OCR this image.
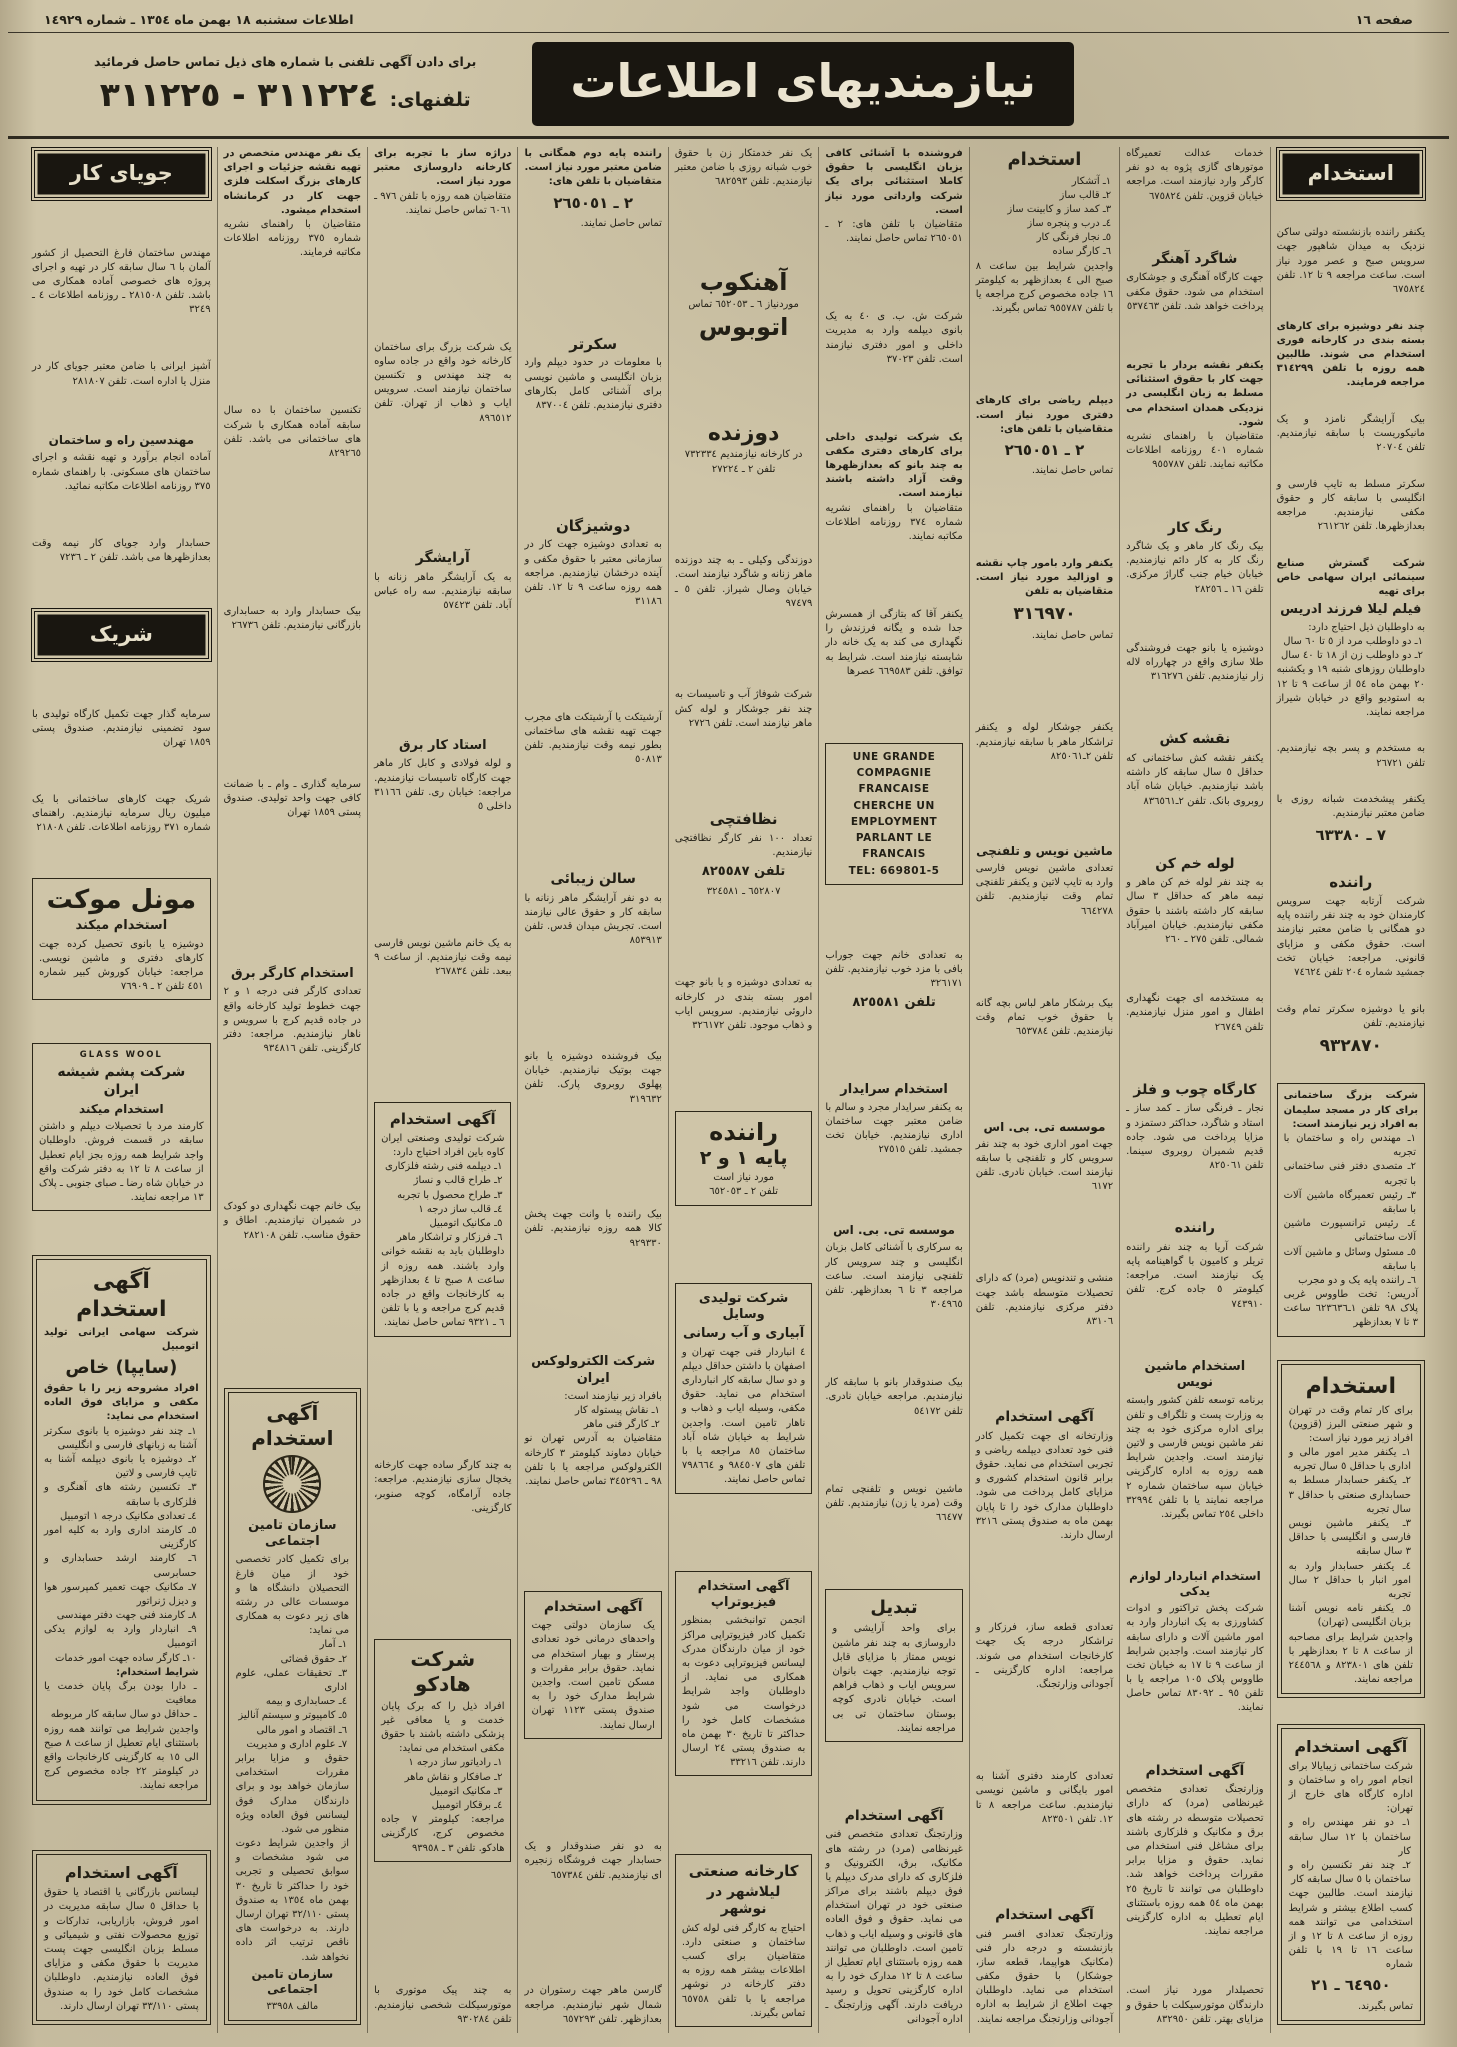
صفحه ۱٦
اطلاعات سشنبه ۱۸ بهمن ماه ۱۳٥٤ ـ شماره ۱٤۹۲۹
نیازمندیهای اطلاعات
برای دادن آگهی تلفنی با شماره های ذیل تماس حاصل فرمائید
تلفنهای: ۳۱۱۲۲٤ - ۳۱۱۲۲٥
استخدام
یکنفر راننده بازنشسته دولتی ساکن نزدیک به میدان شاهپور جهت سرویس صبح و عصر مورد نیاز است. ساعت مراجعه ۹ تا ۱۲. تلفن ٦۷٥۸۲٤
چند نفر دوشیزه برای کارهای بسته بندی در کارخانه فوری استخدام می شوند. طالبین همه روزه با تلفن ۳۱٤۲۹۹ مراجعه فرمایند.
بیک آرایشگر نامزد و یک مانیکوریست با سابقه نیازمندیم. تلفن ۲۰۷۰٤
سکرتر مسلط به تایپ فارسی و انگلیسی با سابقه کار و حقوق مکفی نیازمندیم. مراجعه بعدازظهرها. تلفن ۲٦۱۲٦۲
شرکت گسترش صنایع سینمائی ایران سهامی خاص برای تهیه
فیلم لیلا فرزند ادریس
به داوطلبان ذیل احتیاج دارد:
۱ـ دو داوطلب مرد از ٥ تا ٦۰ سال
۲ـ دو داوطلب زن از ۱۸ تا ٤۰ سال
داوطلبان روزهای شنبه ۱۹ و یکشنبه ۲۰ بهمن ماه ٥٤ از ساعت ۹ تا ۱۲ به استودیو واقع در خیابان شیراز مراجعه نمایند.
به مستخدم و پسر بچه نیازمندیم. تلفن ۲٦۷۲۱
یکنفر پیشخدمت شبانه روزی با ضامن معتبر نیازمندیم.
۷ ـ ٦۳۳۸۰
راننده
شرکت آرتابه جهت سرویس کارمندان خود به چند نفر راننده پایه دو همگانی با ضامن معتبر نیازمند است. حقوق مکفی و مزایای قانونی. مراجعه: خیابان تخت جمشید شماره ۲۰٤ تلفن ۷٤٦۲٤
بانو یا دوشیزه سکرتر تمام وقت نیازمندیم. تلفن
۹۳۲۸۷۰
شرکت بزرگ ساختمانی برای کار در مسجد سلیمان به افراد زیر نیازمند است:
۱ـ مهندس راه و ساختمان با تجربه
۲ـ متصدی دفتر فنی ساختمانی با تجربه
۳ـ رئیس تعمیرگاه ماشین آلات با سابقه
٤ـ رئیس ترانسپورت ماشین آلات ساختمانی
٥ـ مسئول وسائل و ماشین آلات با سابقه
٦ـ راننده پایه یک و دو مجرب
آدریس: تخت طاووس غربی پلاک ۹۸ تلفن ۱ـ٦۲۳٦۳٦ ساعت ۳ تا ۷ بعدازظهر
استخدام
برای کار تمام وقت در تهران و شهر صنعتی البرز (قزوین) افراد زیر مورد نیاز است:
۱ـ یکنفر مدیر امور مالی و اداری با حداقل ٥ سال تجربه
۲ـ یکنفر حسابدار مسلط به حسابداری صنعتی با حداقل ۳ سال تجربه
۳ـ یکنفر ماشین نویس فارسی و انگلیسی با حداقل ۳ سال سابقه
٤ـ یکنفر حسابدار وارد به امور انبار با حداقل ۲ سال تجربه
٥ـ یکنفر نامه نویس آشنا بزبان انگلیسی (تهران)
واجدین شرایط برای مصاحبه از ساعت ۸ تا ۲ بعدازظهر با تلفن های ۸۲۳۸۰۱ و ۲٤٤٥٦۸ مراجعه نمایند.
آگهی استخدام
شرکت ساختمانی زیبایالا برای انجام امور راه و ساختمان و اداره کارگاه های خارج از تهران:
۱ـ دو نفر مهندس راه و ساختمان با ۱۲ سال سابقه کار
۲ـ چند نفر تکنسین راه و ساختمان با ٥ سال سابقه کار
نیازمند است. طالبین جهت کسب اطلاع بیشتر و شرایط استخدامی می توانند همه روزه از ساعت ۸ تا ۱۲ و از ساعت ۱٦ تا ۱۹ با تلفن شماره
٦٤۹٥۰ ـ ۲۱
تماس بگیرند.
خدمات عدالت تعمیرگاه موتورهای گازی پژوه به دو نفر کارگر وارد نیازمند است. مراجعه خیابان قزوین. تلفن ٦۷٥۸۲٤
شاگرد آهنگر
جهت کارگاه آهنگری و جوشکاری استخدام می شود. حقوق مکفی پرداخت خواهد شد. تلفن ٥۳۷٤٦۳
یکنفر نقشه بردار با تجربه جهت کار با حقوق استثنائی مسلط به زبان انگلیسی در نزدیکی همدان استخدام می شود.
متقاضیان با راهنمای نشریه شماره ٤۰۱ روزنامه اطلاعات مکاتبه نمایند. تلفن ۹٥٥۷۸۷
رنگ کار
بیک رنگ کار ماهر و یک شاگرد رنگ کار به کار دائم نیازمندیم. خیابان خیام جنب گاراژ مرکزی. تلفن ۱٦ ـ ۲۸۲٥٦
دوشیزه یا بانو جهت فروشندگی طلا سازی واقع در چهارراه لاله زار نیازمندیم. تلفن ۳۱٦۲۷٦
نقشه کش
یکنفر نقشه کش ساختمانی که حداقل ٥ سال سابقه کار داشته باشد نیازمندیم. خیابان شاه آباد روبروی بانک. تلفن ۲ـ۸۳٦٥٦۱
لوله خم کن
به چند نفر لوله خم کن ماهر و نیمه ماهر که حداقل ۳ سال سابقه کار داشته باشند با حقوق مکفی نیازمندیم. خیابان امیرآباد شمالی. تلفن ۲۷٥ ـ ۲٦۰
به مستخدمه ای جهت نگهداری اطفال و امور منزل نیازمندیم. تلفن ۲٦۷٤۹
کارگاه چوب و فلز
نجار ـ فرنگی ساز ـ کمد ساز ـ استاد و شاگرد، حداکثر دستمزد و مزایا پرداخت می شود. جاده قدیم شمیران روبروی سینما. تلفن ۸۲٥۰٦۱
راننده
شرکت آریا به چند نفر راننده تریلر و کامیون با گواهینامه پایه یک نیازمند است. مراجعه: کیلومتر ٥ جاده کرج. تلفن ۷٤۳۹۱۰
استخدام ماشین نویس
برنامه توسعه تلفن کشور وابسته به وزارت پست و تلگراف و تلفن برای اداره مرکزی خود به چند نفر ماشین نویس فارسی و لاتین نیازمند است. واجدین شرایط همه روزه به اداره کارگزینی خیابان سپه ساختمان شماره ۲ مراجعه نمایند یا با تلفن ۳۲۹۹٤ داخلی ۲٥٤ تماس بگیرند.
استخدام انباردار لوازم یدکی
شرکت پخش تراکتور و ادوات کشاورزی به یک انباردار وارد به امور ماشین آلات و دارای سابقه کار نیازمند است. واجدین شرایط از ساعت ۹ تا ۱۷ به خیابان تخت طاووس پلاک ۱۰٥ مراجعه یا با تلفن ۹٥ ـ ۸۳۰۹۲ تماس حاصل نمایند.
آگهی استخدام
وزارتجنگ تعدادی متخصص غیرنظامی (مرد) که دارای تحصیلات متوسطه در رشته های برق و مکانیک و فلزکاری باشند برای مشاغل فنی استخدام می نماید. حقوق و مزایا برابر مقررات پرداخت خواهد شد. داوطلبان می توانند تا تاریخ ۲٥ بهمن ماه ٥٤ همه روزه باستثنای ایام تعطیل به اداره کارگزینی مراجعه نمایند.
تحصیلدار مورد نیاز است. دارندگان موتورسیکلت با حقوق و مزایای بهتر. تلفن ۸۳۲۹٥۰
استخدام
۱ـ آتشکار
۲ـ قالب ساز
۳ـ کمد ساز و کابینت ساز
٤ـ درب و پنجره ساز
٥ـ نجار فرنگی کار
٦ـ کارگر ساده
واجدین شرایط بین ساعت ۸ صبح الی ٤ بعدازظهر به کیلومتر ۱٦ جاده مخصوص کرج مراجعه یا با تلفن ۹٥٥۷۸۷ تماس بگیرند.
دیپلم ریاضی برای کارهای دفتری مورد نیاز است. متقاضیان با تلفن های:
۲ ـ ۲٦٥۰٥۱
تماس حاصل نمایند.
یکنفر وارد بامور چاپ نقشه و اوزالید مورد نیاز است. متقاضیان به تلفن
۳۱٦۹۷۰
تماس حاصل نمایند.
یکنفر جوشکار لوله و یکنفر تراشکار ماهر با سابقه نیازمندیم. تلفن ۲ـ۸۲٥۰٦۱
ماشین نویس و تلفنچی
تعدادی ماشین نویس فارسی وارد به تایپ لاتین و یکنفر تلفنچی تمام وقت نیازمندیم. تلفن ٦٦٤۲۷۸
بیک برشکار ماهر لباس بچه گانه با حقوق خوب تمام وقت نیازمندیم. تلفن ٦٥۳۷۸٤
موسسه تی. بی. اس
جهت امور اداری خود به چند نفر سرویس کار و تلفنچی با سابقه نیازمند است. خیابان نادری. تلفن ٦۱۷۲
منشی و تندنویس (مرد) که دارای تحصیلات متوسطه باشد جهت دفتر مرکزی نیازمندیم. تلفن ۸۳۱۰٦
آگهی استخدام
وزارتخانه ای جهت تکمیل کادر فنی خود تعدادی دیپلمه ریاضی و تجربی استخدام می نماید. حقوق برابر قانون استخدام کشوری و مزایای کامل پرداخت می شود. داوطلبان مدارک خود را تا پایان بهمن ماه به صندوق پستی ۳۲۱٦ ارسال دارند.
تعدادی قطعه ساز، فرزکار و تراشکار درجه یک جهت کارخانجات استخدام می شوند. مراجعه: اداره کارگزینی ـ آجودانی وزارتجنگ.
تعدادی کارمند دفتری آشنا به امور بایگانی و ماشین نویسی نیازمندیم. ساعت مراجعه ۸ تا ۱۲. تلفن ۸۲۳٥۰۱
آگهی استخدام
وزارتجنگ تعدادی افسر فنی بازنشسته و درجه دار فنی (مکانیک هواپیما، قطعه ساز، جوشکار) با حقوق مکفی استخدام می نماید. داوطلبان جهت اطلاع از شرایط به اداره آجودانی وزارتجنگ مراجعه نمایند.
فروشنده با آشنائی کافی بزبان انگلیسی با حقوق کاملا استثنائی برای یک شرکت وارداتی مورد نیاز است.
متقاضیان با تلفن های: ۲ ـ ۲٦٥۰٥۱ تماس حاصل نمایند.
شرکت ش. ب. ی ٤۰ به یک بانوی دیپلمه وارد به مدیریت داخلی و امور دفتری نیازمند است. تلفن ۳۷۰۲۳
یک شرکت تولیدی داخلی برای کارهای دفتری مکفی به چند بانو که بعدازظهرها وقت آزاد داشته باشند نیازمند است.
متقاضیان با راهنمای نشریه شماره ۳۷٤ روزنامه اطلاعات مکاتبه نمایند.
یکنفر آقا که بتازگی از همسرش جدا شده و یگانه فرزندش را نگهداری می کند به یک خانه دار شایسته نیازمند است. شرایط به توافق. تلفن ٦٦۹٥۸۳ عصرها
UNE GRANDE
COMPAGNIE
FRANCAISE
CHERCHE UN
EMPLOYMENT
PARLANT LE FRANCAIS
TEL: 669801-5
به تعدادی خانم جهت جوراب بافی با مزد خوب نیازمندیم. تلفن ۳۲٦۱۷۱
تلفن ۸۲٥٥۸۱
استخدام سرایدار
به یکنفر سرایدار مجرد و سالم با ضامن معتبر جهت ساختمان اداری نیازمندیم. خیابان تخت جمشید. تلفن ۲۷٥۱٥
موسسه تی. بی. اس
به سرکاری با آشنائی کامل بزبان انگلیسی و چند سرویس کار تلفنچی نیازمند است. ساعت مراجعه ۳ تا ٦ بعدازظهر. تلفن ۳۰٤۹٦٥
بیک صندوقدار بانو با سابقه کار نیازمندیم. مراجعه خیابان نادری. تلفن ٥٤۱۷۲
ماشین نویس و تلفنچی تمام وقت (مرد یا زن) نیازمندیم. تلفن ٦٦٤۷۷
تبدیل
برای واحد آرایشی و داروسازی به چند نفر ماشین نویس ممتاز با مزایای قابل توجه نیازمندیم. جهت بانوان سرویس ایاب و ذهاب فراهم است. خیابان نادری کوچه بوستان ساختمان تی بی مراجعه نمایند.
آگهی استخدام
وزارتجنگ تعدادی متخصص فنی غیرنظامی (مرد) در رشته های مکانیک، برق، الکترونیک و فلزکاری که دارای مدرک دیپلم یا فوق دیپلم باشند برای مراکز صنعتی خود در تهران استخدام می نماید. حقوق و فوق العاده های قانونی و وسیله ایاب و ذهاب تامین است. داوطلبان می توانند همه روزه باستثنای ایام تعطیل از ساعت ۸ تا ۱۲ مدارک خود را به اداره کارگزینی تحویل و رسید دریافت دارند. آگهی وزارتجنگ ـ اداره آجودانی
یک نفر خدمتکار زن با حقوق خوب شبانه روزی با ضامن معتبر نیازمندیم. تلفن ٦۸۲٥۹۳
آهنکوب
موردنیاز ٦ ـ ٦٥۲۰٥۳ تماس
اتوبوس
دوزنده
در کارخانه نیازمندیم ۷۳۲۳۳٤
تلفن ۲ ـ ۲۷۲۲٤
دوزندگی وکیلی ـ به چند دوزنده ماهر زنانه و شاگرد نیازمند است. خیابان وصال شیراز. تلفن ٥ ـ ۹۷٤۷۹
شرکت شوفاژ آب و تاسیسات به چند نفر جوشکار و لوله کش ماهر نیازمند است. تلفن ۲۷۲٦
نظافتچی
تعداد ۱۰۰ نفر کارگر نظافتچی نیازمندیم.
تلفن ۸۲٥٥۸۷
٦٥۲۸۰۷ ـ ۳۲٤٥۸۱
به تعدادی دوشیزه و یا بانو جهت امور بسته بندی در کارخانه داروئی نیازمندیم. سرویس ایاب و ذهاب موجود. تلفن ۳۲٦۱۷۲
راننده
پایه ۱ و ۲
مورد نیاز است
تلفن ۲ ـ ٦٥۲۰٥۳
شرکت تولیدی وسایل
آبیاری و آب رسانی
٤ انباردار فنی جهت تهران و اصفهان با داشتن حداقل دیپلم و دو سال سابقه کار انبارداری استخدام می نماید. حقوق مکفی، وسیله ایاب و ذهاب و ناهار تامین است. واجدین شرایط به خیابان شاه آباد ساختمان ۸٥ مراجعه یا با تلفن های ۹۸٤٥۰۷ و ۷۹۸٦٦٤ تماس حاصل نمایند.
آگهی استخدام فیزیوتراپ
انجمن توانبخشی بمنظور تکمیل کادر فیزیوتراپی مراکز خود از میان دارندگان مدرک لیسانس فیزیوتراپی دعوت به همکاری می نماید. از داوطلبان واجد شرایط درخواست می شود مشخصات کامل خود را حداکثر تا تاریخ ۳۰ بهمن ماه به صندوق پستی ۲٤ ارسال دارند. تلفن ۳۳۲۱٦
کارخانه صنعتی
لیلاشهر در نوشهر
احتیاج به کارگر فنی لوله کش ساختمان و صنعتی دارد. متقاضیان برای کسب اطلاعات بیشتر همه روزه به دفتر کارخانه در نوشهر مراجعه یا با تلفن ٦٥۷٥۸ تماس بگیرند.
راننده پایه دوم همگانی با ضامن معتبر مورد نیاز است. متقاضیان با تلفن های:
۲ ـ ۲٦٥۰٥۱
تماس حاصل نمایند.
سکرتر
با معلومات در حدود دیپلم وارد بزبان انگلیسی و ماشین نویسی برای آشنائی کامل بکارهای دفتری نیازمندیم. تلفن ۸۳۷۰۰٤
دوشیزگان
به تعدادی دوشیزه جهت کار در سازمانی معتبر با حقوق مکفی و آینده درخشان نیازمندیم. مراجعه همه روزه ساعت ۹ تا ۱۲. تلفن ۳۱۱۸٦
آرشیتکت یا آرشیتکت های مجرب جهت تهیه نقشه های ساختمانی بطور نیمه وقت نیازمندیم. تلفن ٥۰۸۱۳
سالن زیبائی
به دو نفر آرایشگر ماهر زنانه با سابقه کار و حقوق عالی نیازمند است. تجریش میدان قدس. تلفن ۸٥۳۹۱۳
بیک فروشنده دوشیزه یا بانو جهت بوتیک نیازمندیم. خیابان پهلوی روبروی پارک. تلفن ۳۱۹٦۳۲
بیک راننده با وانت جهت پخش کالا همه روزه نیازمندیم. تلفن ۹۲۹۳۳۰
شرکت الکترولوکس ایران
بافراد زیر نیازمند است:
۱ـ نقاش پیستوله کار
۲ـ کارگر فنی ماهر
متقاضیان به آدرس تهران نو خیابان دماوند کیلومتر ۳ کارخانه الکترولوکس مراجعه یا با تلفن ۹۸ ـ ۳٤٥۲۹٦ تماس حاصل نمایند.
آگهی استخدام
یک سازمان دولتی جهت واحدهای درمانی خود تعدادی پرستار و بهیار استخدام می نماید. حقوق برابر مقررات و مسکن تامین است. واجدین شرایط مدارک خود را به صندوق پستی ۱۱۲۳ تهران ارسال نمایند.
به دو نفر صندوقدار و یک حسابدار جهت فروشگاه زنجیره ای نیازمندیم. تلفن ٦٥۷۳۸٤
گارسن ماهر جهت رستوران در شمال شهر نیازمندیم. مراجعه بعدازظهر. تلفن ٦٥۷۲۹۳
دراژه ساز با تجربه برای کارخانه داروسازی معتبر مورد نیاز است.
متقاضیان همه روزه با تلفن ۹۷٦ ـ ٦۰٦۱ تماس حاصل نمایند.
یک شرکت بزرگ برای ساختمان کارخانه خود واقع در جاده ساوه به چند مهندس و تکنسین ساختمان نیازمند است. سرویس ایاب و ذهاب از تهران. تلفن ۸۹٦٥۱۲
آرایشگر
به یک آرایشگر ماهر زنانه با سابقه نیازمندیم. سه راه عباس آباد. تلفن ٥۷٤۲۳
استاد کار برق
و لوله فولادی و کابل کار ماهر جهت کارگاه تاسیسات نیازمندیم. مراجعه: خیابان ری. تلفن ۳۱۱٦٦ داخلی ٥
به یک خانم ماشین نویس فارسی نیمه وقت نیازمندیم. از ساعت ۹ ببعد. تلفن ۲٦۷۸۳٤
آگهی استخدام
شرکت تولیدی وصنعتی ایران کاوه باین افراد احتیاج دارد:
۱ـ دیپلمه فنی رشته فلزکاری
۲ـ طراح قالب و نساژ
۳ـ طراح محصول با تجربه
٤ـ قالب ساز درجه ۱
٥ـ مکانیک اتومبیل
٦ـ فرزکار و تراشکار ماهر
داوطلبان باید به نقشه خوانی وارد باشند. همه روزه از ساعت ۸ صبح تا ٤ بعدازظهر به کارخانجات واقع در جاده قدیم کرج مراجعه و یا با تلفن ٦ ـ ۹۳۲۱ تماس حاصل نمایند.
به چند کارگر ساده جهت کارخانه یخچال سازی نیازمندیم. مراجعه: جاده آرامگاه، کوچه صنوبر، کارگزینی.
شرکت هادکو
افراد ذیل را که برک پایان خدمت و یا معافی غیر پزشکی داشته باشند با حقوق مکفی استخدام می نماید:
۱ـ رادیاتور ساز درجه ۱
۲ـ صافکار و نقاش ماهر
۳ـ مکانیک اتومبیل
٤ـ برقکار اتومبیل
مراجعه: کیلومتر ۷ جاده مخصوص کرج، کارگزینی هادکو. تلفن ۳ ـ ۹۳۹٥۸
به چند پیک موتوری با موتورسیکلت شخصی نیازمندیم. تلفن ۹۳۰۲۸٤
یک نفر مهندس متخصص در تهیه نقشه جزئیات و اجرای کارهای بزرگ اسکلت فلزی جهت کار در کرمانشاه استخدام میشود.
متقاضیان با راهنمای نشریه شماره ۳۷٥ روزنامه اطلاعات مکاتبه فرمایند.
تکنسین ساختمان با ده سال سابقه آماده همکاری با شرکت های ساختمانی می باشد. تلفن ۸۲۹۲٦٥
بیک حسابدار وارد به حسابداری بازرگانی نیازمندیم. تلفن ۲٦۷۳٦
سرمایه گذاری ـ وام ـ با ضمانت کافی جهت واحد تولیدی. صندوق پستی ۱۸٥۹ تهران
استخدام کارگر برق
تعدادی کارگر فنی درجه ۱ و ۲ جهت خطوط تولید کارخانه واقع در جاده قدیم کرج با سرویس و ناهار نیازمندیم. مراجعه: دفتر کارگزینی. تلفن ۹۳٤۸۱٦
بیک خانم جهت نگهداری دو کودک در شمیران نیازمندیم. اطاق و حقوق مناسب. تلفن ۲۸۲۱۰۸
آگهی استخدام
سازمان تامین اجتماعی
برای تکمیل کادر تخصصی خود از میان فارغ التحصیلان دانشگاه ها و موسسات عالی در رشته های زیر دعوت به همکاری می نماید:
۱ـ آمار
۲ـ حقوق قضائی
۳ـ تحقیقات عملی، علوم اداری
٤ـ حسابداری و بیمه
٥ـ کامپیوتر و سیستم آنالیز
٦ـ اقتصاد و امور مالی
۷ـ علوم اداری و مدیریت
حقوق و مزایا برابر مقررات استخدامی سازمان خواهد بود و برای دارندگان مدارک فوق لیسانس فوق العاده ویژه منظور می شود.
از واجدین شرایط دعوت می شود مشخصات و سوابق تحصیلی و تجربی خود را حداکثر تا تاریخ ۳۰ بهمن ماه ۱۳٥٤ به صندوق پستی ۳۲/۱۱۰ تهران ارسال دارند. به درخواست های ناقص ترتیب اثر داده نخواهد شد.
سازمان تامین اجتماعی
مالف ۳۳۹٥۸
جویای کار
مهندس ساختمان فارغ التحصیل از کشور آلمان با ٦ سال سابقه کار در تهیه و اجرای پروژه های خصوصی آماده همکاری می باشد. تلفن ۲۸۱٥۰۸ ـ روزنامه اطلاعات ٤ ـ ۳۲٤۹
آشپز ایرانی با ضامن معتبر جویای کار در منزل یا اداره است. تلفن ۲۸۱۸۰۷
مهندسین راه و ساختمان
آماده انجام برآورد و تهیه نقشه و اجرای ساختمان های مسکونی. با راهنمای شماره ۳۷٥ روزنامه اطلاعات مکاتبه نمائید.
حسابدار وارد جویای کار نیمه وقت بعدازظهرها می باشد. تلفن ۲ ـ ۷۲۳٦
شریک
سرمایه گذار جهت تکمیل کارگاه تولیدی با سود تضمینی نیازمندیم. صندوق پستی ۱۸٥۹ تهران
شریک جهت کارهای ساختمانی با یک میلیون ریال سرمایه نیازمندیم. راهنمای شماره ۳۷۱ روزنامه اطلاعات. تلفن ۲۱۸۰۸
مونل موکت
استخدام میکند
دوشیزه یا بانوی تحصیل کرده جهت کارهای دفتری و ماشین نویسی. مراجعه: خیابان کوروش کبیر شماره ٤٥۱ تلفن ۲ ـ ۷٦۹۰۹
GLASS WOOL
شرکت پشم شیشه ایران
استخدام میکند
کارمند مرد با تحصیلات دیپلم و داشتن سابقه در قسمت فروش. داوطلبان واجد شرایط همه روزه بجز ایام تعطیل از ساعت ۸ تا ۱۲ به دفتر شرکت واقع در خیابان شاه رضا ـ صبای جنوبی ـ پلاک ۱۳ مراجعه نمایند.
آگهی استخدام
شرکت سهامی ایرانی تولید اتومبیل
(سایپا) خاص
افراد مشروحه زیر را با حقوق مکفی و مزایای فوق العاده استخدام می نماید:
۱ـ چند نفر دوشیزه یا بانوی سکرتر آشنا به زبانهای فارسی و انگلیسی
۲ـ دوشیزه یا بانوی دیپلمه آشنا به تایپ فارسی و لاتین
۳ـ تکنسین رشته های آهنگری و فلزکاری با سابقه
٤ـ تعدادی مکانیک درجه ۱ اتومبیل
٥ـ کارمند اداری وارد به کلیه امور کارگزینی
٦ـ کارمند ارشد حسابداری و حسابرسی
۷ـ مکانیک جهت تعمیر کمپرسور هوا و دیزل ژنراتور
۸ـ کارمند فنی جهت دفتر مهندسی
۹ـ انباردار وارد به لوازم یدکی اتومبیل
۱۰ـ کارگر ساده جهت امور خدمات
شرایط استخدام:
ـ دارا بودن برگ پایان خدمت یا معافیت
ـ حداقل دو سال سابقه کار مربوطه
واجدین شرایط می توانند همه روزه باستثنای ایام تعطیل از ساعت ۸ صبح الی ۱٥ به کارگزینی کارخانجات واقع در کیلومتر ۲۲ جاده مخصوص کرج مراجعه نمایند.
آگهی استخدام
لیسانس بازرگانی یا اقتصاد یا حقوق با حداقل ٥ سال سابقه مدیریت در امور فروش، بازاریابی، تدارکات و توزیع محصولات نفتی و شیمیائی و مسلط بزبان انگلیسی جهت پست مدیریت با حقوق مکفی و مزایای فوق العاده نیازمندیم. داوطلبان مشخصات کامل خود را به صندوق پستی ۳۳/۱۱۰ تهران ارسال دارند.
